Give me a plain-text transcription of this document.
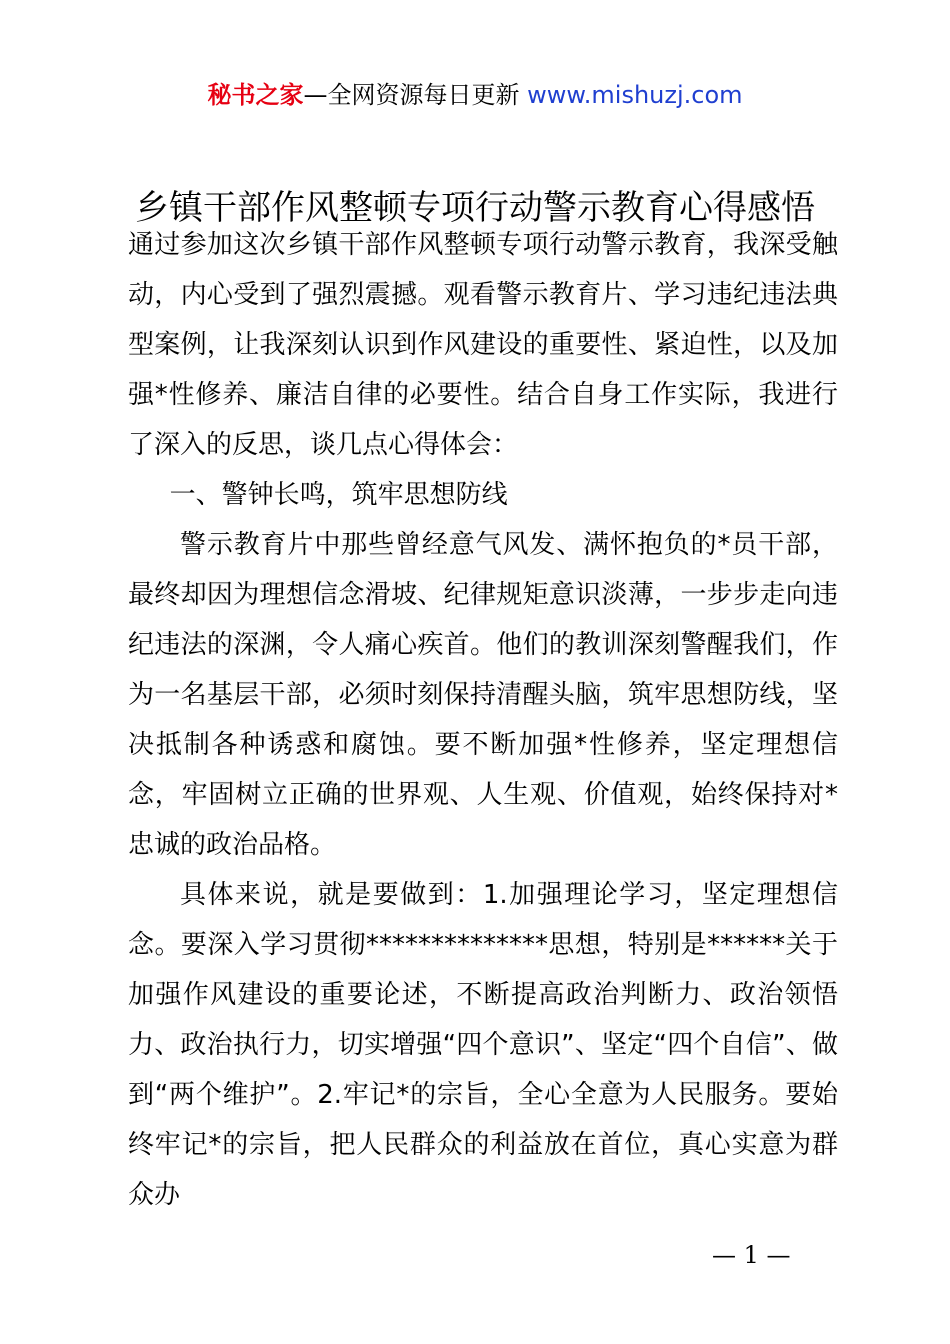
秘书之家—全网资源每日更新 www.mishuzj.com
乡镇干部作风整顿专项行动警示教育心得感悟

通过参加这次乡镇干部作风整顿专项行动警示教育，我深受触动，内心受到了强烈震撼。观看警示教育片、学习违纪违法典型案例，让我深刻认识到作风建设的重要性、紧迫性，以及加强*性修养、廉洁自律的必要性。结合自身工作实际，我进行了深入的反思，谈几点心得体会：

一、警钟长鸣，筑牢思想防线

警示教育片中那些曾经意气风发、满怀抱负的*员干部，最终却因为理想信念滑坡、纪律规矩意识淡薄，一步步走向违纪违法的深渊，令人痛心疾首。他们的教训深刻警醒我们，作为一名基层干部，必须时刻保持清醒头脑，筑牢思想防线，坚决抵制各种诱惑和腐蚀。要不断加强*性修养，坚定理想信念，牢固树立正确的世界观、人生观、价值观，始终保持对*忠诚的政治品格。

具体来说，就是要做到：1.加强理论学习，坚定理想信念。要深入学习贯彻**************思想，特别是******关于加强作风建设的重要论述，不断提高政治判断力、政治领悟力、政治执行力，切实增强“四个意识”、坚定“四个自信”、做到“两个维护”。2.牢记*的宗旨，全心全意为人民服务。要始终牢记*的宗旨，把人民群众的利益放在首位，真心实意为群众办

— 1 —
